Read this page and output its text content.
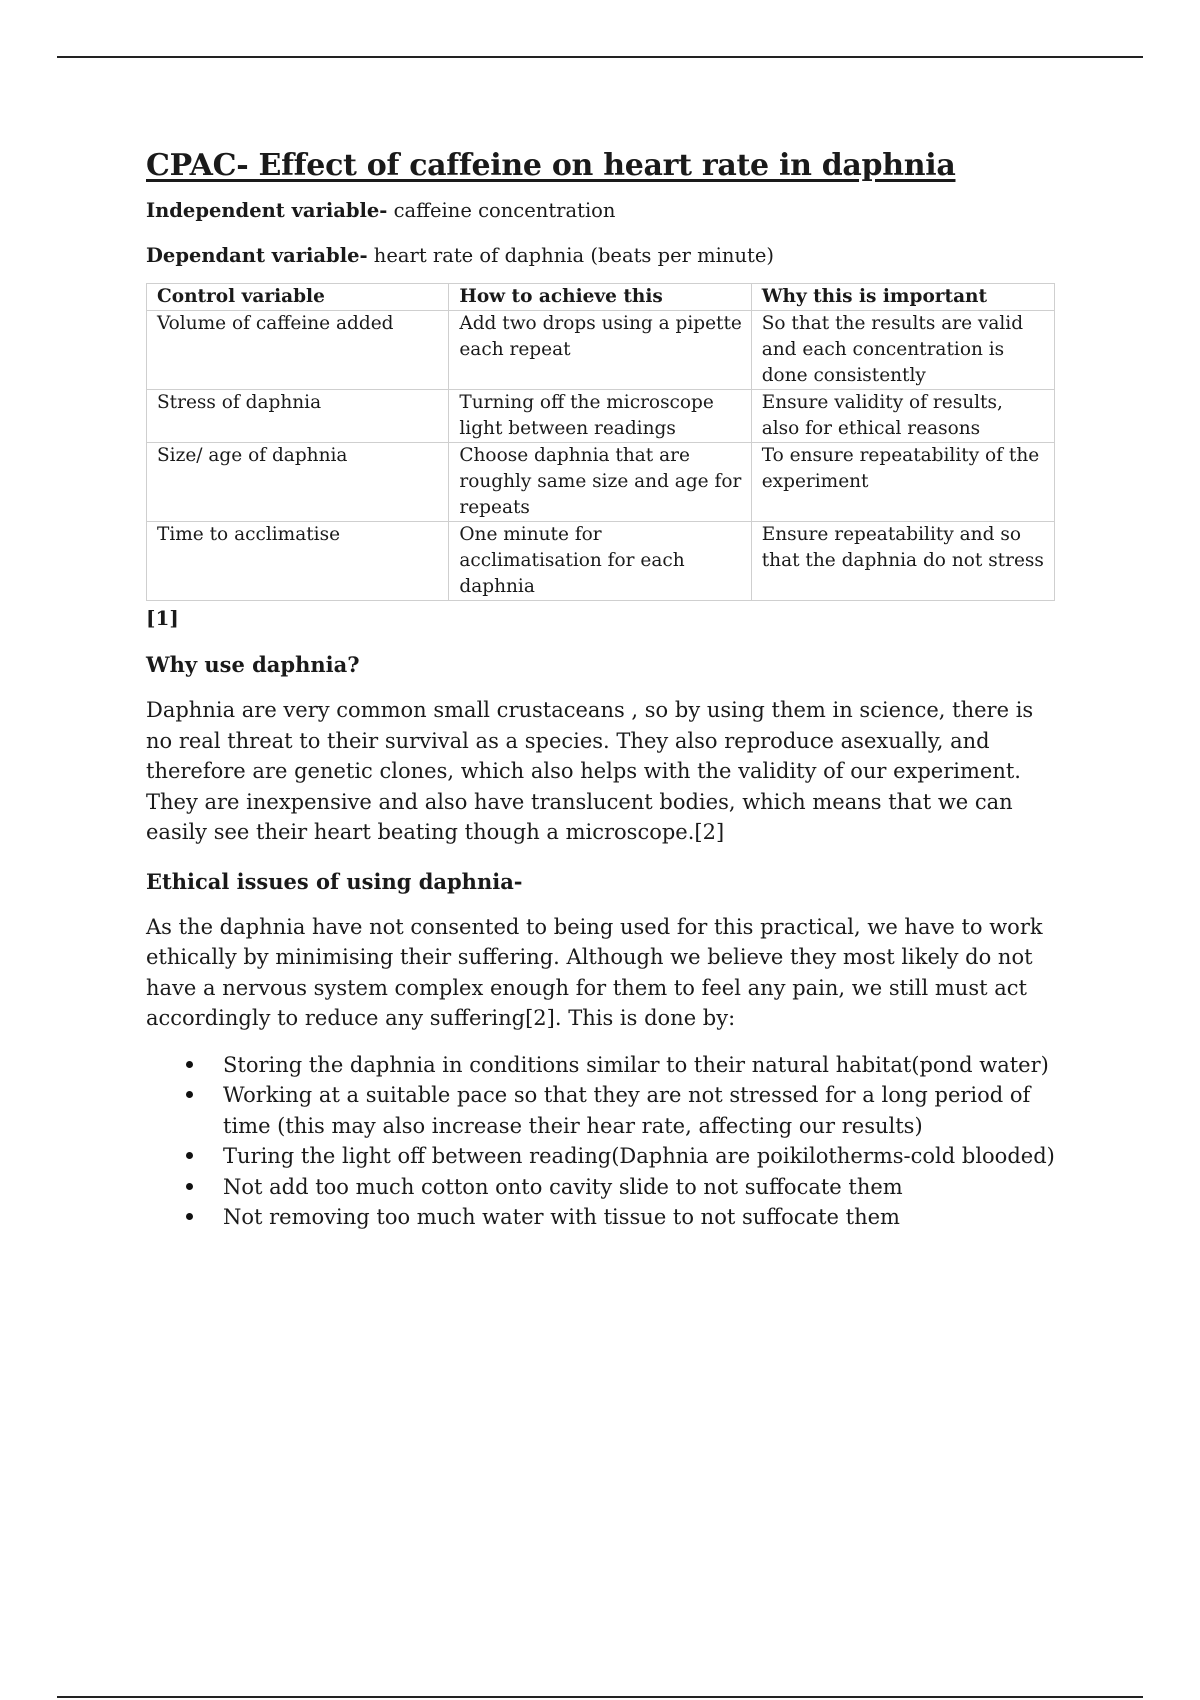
CPAC- Effect of caffeine on heart rate in daphnia

Independent variable- caffeine concentration

Dependant variable- heart rate of daphnia (beats per minute)

Control variable	How to achieve this	Why this is important
Volume of caffeine added	Add two drops using a pipette each repeat	So that the results are valid and each concentration is done consistently
Stress of daphnia	Turning off the microscope light between readings	Ensure validity of results, also for ethical reasons
Size/ age of daphnia	Choose daphnia that are roughly same size and age for repeats	To ensure repeatability of the experiment
Time to acclimatise	One minute for acclimatisation for each daphnia	Ensure repeatability and so that the daphnia do not stress
[1]
Why use daphnia?

Daphnia are very common small crustaceans , so by using them in science, there is no real threat to their survival as a species. They also reproduce asexually, and therefore are genetic clones, which also helps with the validity of our experiment. They are inexpensive and also have translucent bodies, which means that we can easily see their heart beating though a microscope.[2]

Ethical issues of using daphnia-

As the daphnia have not consented to being used for this practical, we have to work ethically by minimising their suffering. Although we believe they most likely do not have a nervous system complex enough for them to feel any pain, we still must act accordingly to reduce any suffering[2]. This is done by:

Storing the daphnia in conditions similar to their natural habitat(pond water)
Working at a suitable pace so that they are not stressed for a long period of time (this may also increase their hear rate, affecting our results)
Turing the light off between reading(Daphnia are poikilotherms-cold blooded)
Not add too much cotton onto cavity slide to not suffocate them
Not removing too much water with tissue to not suffocate them
